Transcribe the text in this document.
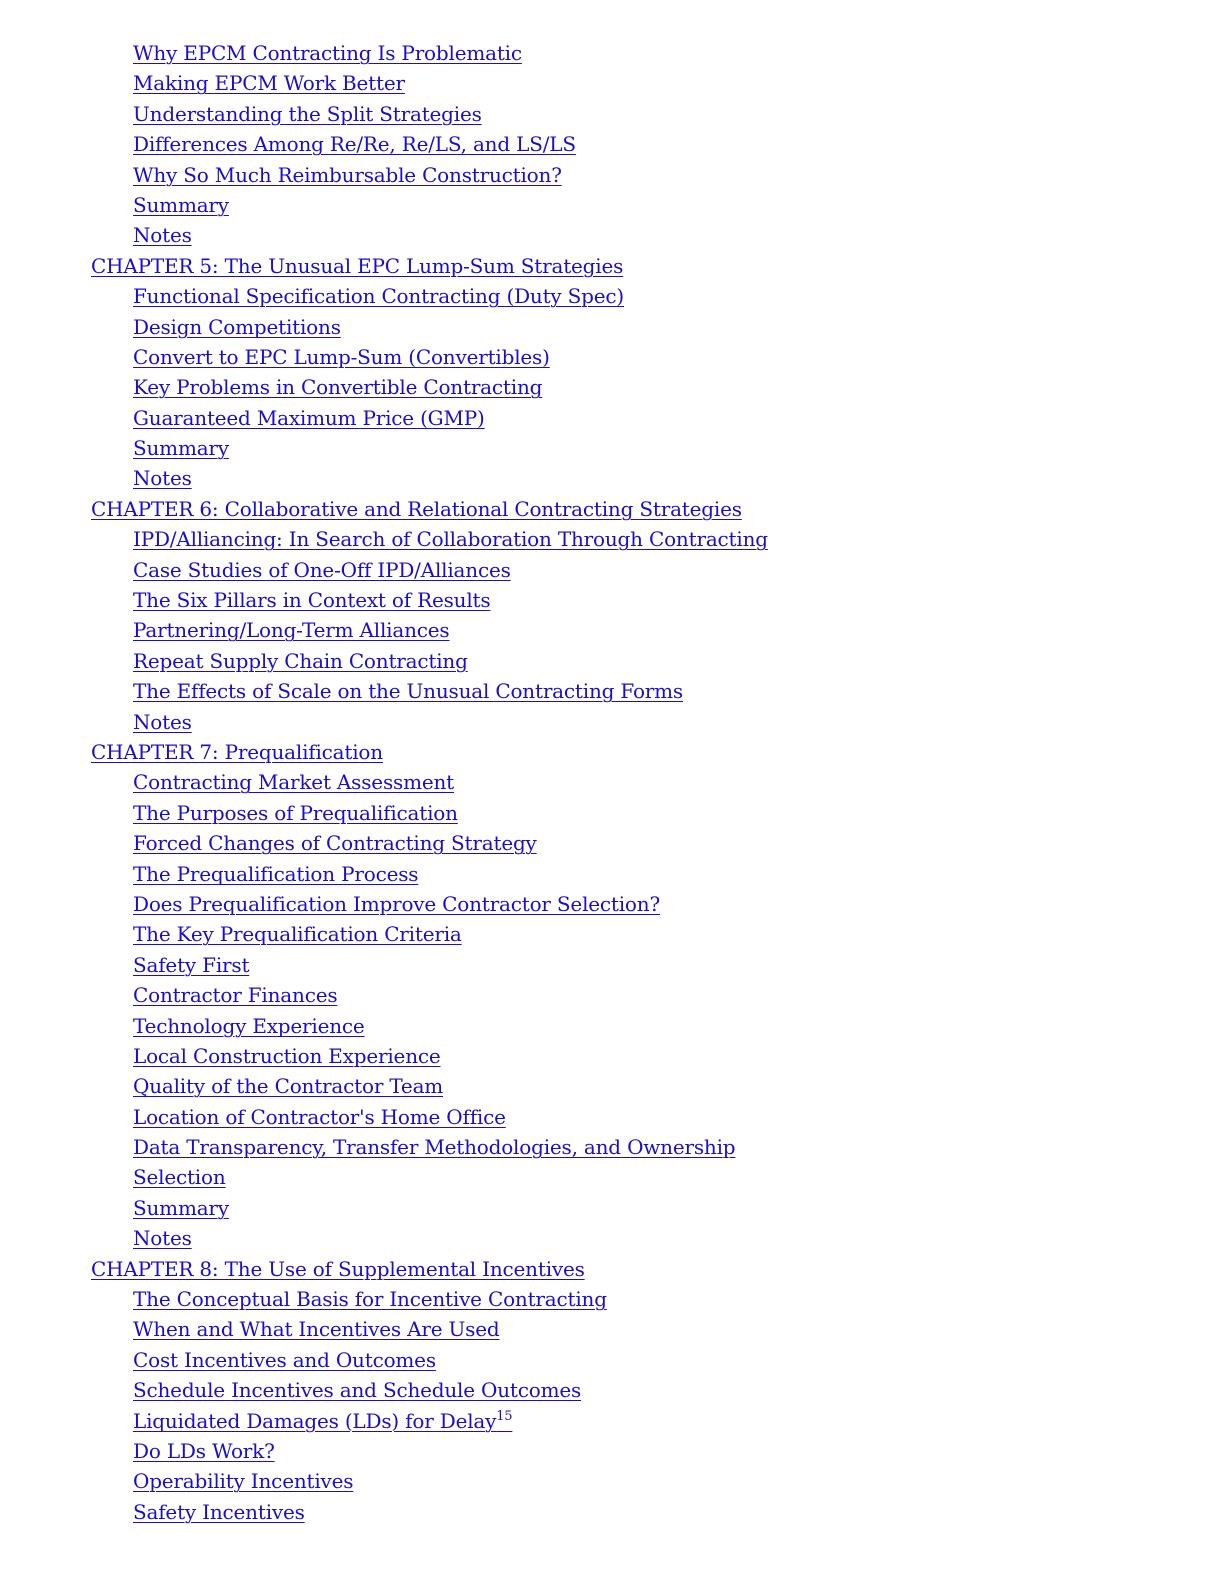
Why EPCM Contracting Is Problematic
Making EPCM Work Better
Understanding the Split Strategies
Differences Among Re/Re, Re/LS, and LS/LS
Why So Much Reimbursable Construction?
Summary
Notes
CHAPTER 5: The Unusual EPC Lump-Sum Strategies
Functional Specification Contracting (Duty Spec)
Design Competitions
Convert to EPC Lump-Sum (Convertibles)
Key Problems in Convertible Contracting
Guaranteed Maximum Price (GMP)
Summary
Notes
CHAPTER 6: Collaborative and Relational Contracting Strategies
IPD/Alliancing: In Search of Collaboration Through Contracting
Case Studies of One-Off IPD/Alliances
The Six Pillars in Context of Results
Partnering/Long-Term Alliances
Repeat Supply Chain Contracting
The Effects of Scale on the Unusual Contracting Forms
Notes
CHAPTER 7: Prequalification
Contracting Market Assessment
The Purposes of Prequalification
Forced Changes of Contracting Strategy
The Prequalification Process
Does Prequalification Improve Contractor Selection?
The Key Prequalification Criteria
Safety First
Contractor Finances
Technology Experience
Local Construction Experience
Quality of the Contractor Team
Location of Contractor's Home Office
Data Transparency, Transfer Methodologies, and Ownership
Selection
Summary
Notes
CHAPTER 8: The Use of Supplemental Incentives
The Conceptual Basis for Incentive Contracting
When and What Incentives Are Used
Cost Incentives and Outcomes
Schedule Incentives and Schedule Outcomes
Liquidated Damages (LDs) for Delay$^{15}$
Do LDs Work?
Operability Incentives
Safety Incentives
